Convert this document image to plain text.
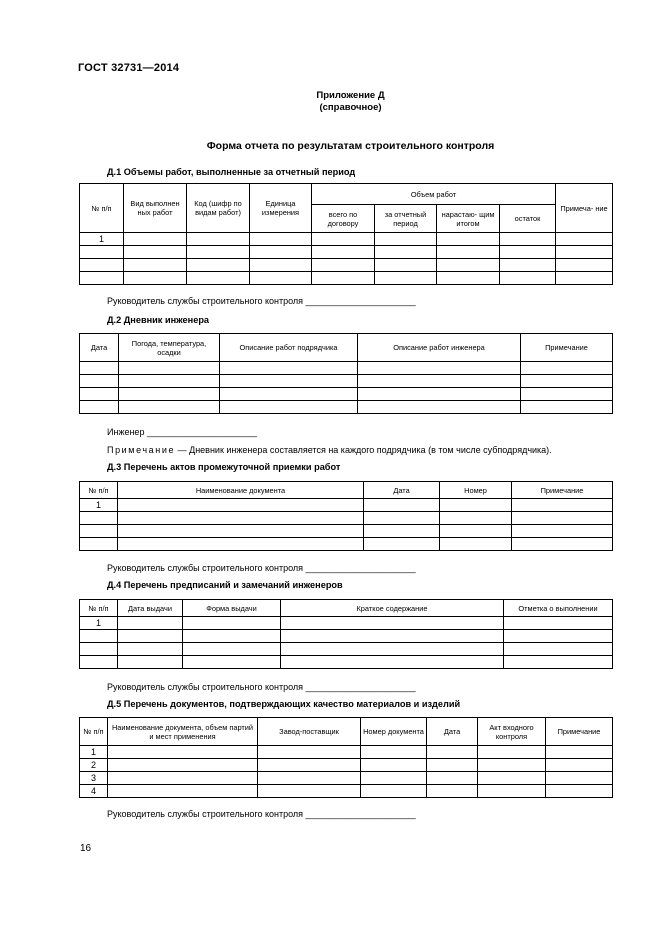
ГОСТ 32731—2014
Приложение Д
(справочное)
Форма отчета по результатам строительного контроля
Д.1 Объемы работ, выполненные за отчетный период
№ п/п	Вид выполнен ных работ	Код (шифр по видам работ)	Единица измерения	Объем работ				Примеча- ние
				всего по договору	за отчетный период	нарастаю- щим итогом	остаток	
1								

Руководитель службы строительного контроля ______________________
Д.2 Дневник инженера
Дата	Погода, температура, осадки	Описание работ подрядчика	Описание работ инженера	Примечание

Инженер ______________________
Примечание — Дневник инженера составляется на каждого подрядчика (в том числе субподрядчика).
Д.3 Перечень актов промежуточной приемки работ
№ п/п	Наименование документа	Дата	Номер	Примечание
1				

Руководитель службы строительного контроля ______________________
Д.4 Перечень предписаний и замечаний инженеров
№ п/п	Дата выдачи	Форма выдачи	Краткое содержание	Отметка о выполнении
1				

Руководитель службы строительного контроля ______________________
Д.5 Перечень документов, подтверждающих качество материалов и изделий
№ п/п	Наименование документа, объем партий и мест применения	Завод-поставщик	Номер документа	Дата	Акт входного контроля	Примечание
1						
2						
3						
4						
Руководитель службы строительного контроля ______________________
16
